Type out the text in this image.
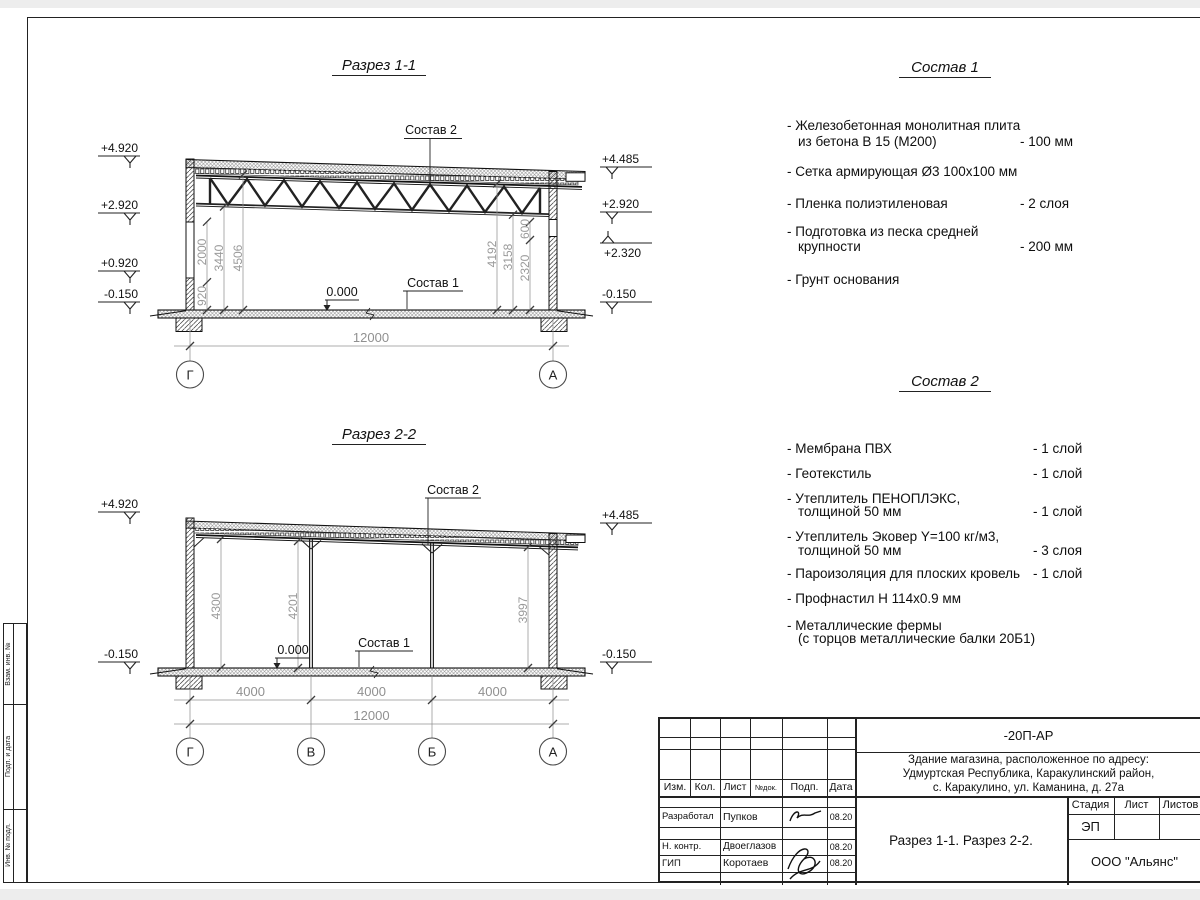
Разрез 1-1
Разрез 2-2
Состав 1
Состав 2
920
2000 3440 4506	4192 3158 2320
600
12000
Г	А
+4.920
+2.920
+0.920
-0.150
+4.485
+2.920
+2.320
-0.150
Состав 2
Состав 1
0.000
4300	4201	3997
4000	4000	4000
12000
Г	В	Б	А
+4.920
-0.150
+4.485
-0.150
Состав 2
Состав 1
0.000
- Железобетонная монолитная плита
из бетона В 15 (М200)	- 100 мм
- Сетка армирующая Ø3 100х100 мм
- Пленка полиэтиленовая	- 2 слоя
- Подготовка из песка средней
крупности	- 200 мм
- Грунт основания
- Мембрана ПВХ	- 1 слой
- Геотекстиль	- 1 слой
- Утеплитель ПЕНОПЛЭКС,
толщиной 50 мм	- 1 слой
- Утеплитель Эковер Y=100 кг/м3,
толщиной 50 мм	- 3 слоя
- Пароизоляция для плоских кровель - 1 слой
- Профнастил Н 114х0.9 мм
- Металлические фермы
(с торцов металлические балки 20Б1)
Взам. инв. №
Подп. и дата
Инв. № подл.
Изм. Кол. Лист	№док.	Подп.	Дата
Разработал Пупков	08.20
Н. контр.	Двоеглазов	08.20
ГИП	Коротаев	08.20
-20П-АР
Здание магазина, расположенное по адресу:
Удмуртская Республика, Каракулинский район,
с. Каракулино, ул. Каманина, д. 27а
Разрез 1-1. Разрез 2-2.
Стадия	Лист	Листов
ЭП
ООО "Альянс"
